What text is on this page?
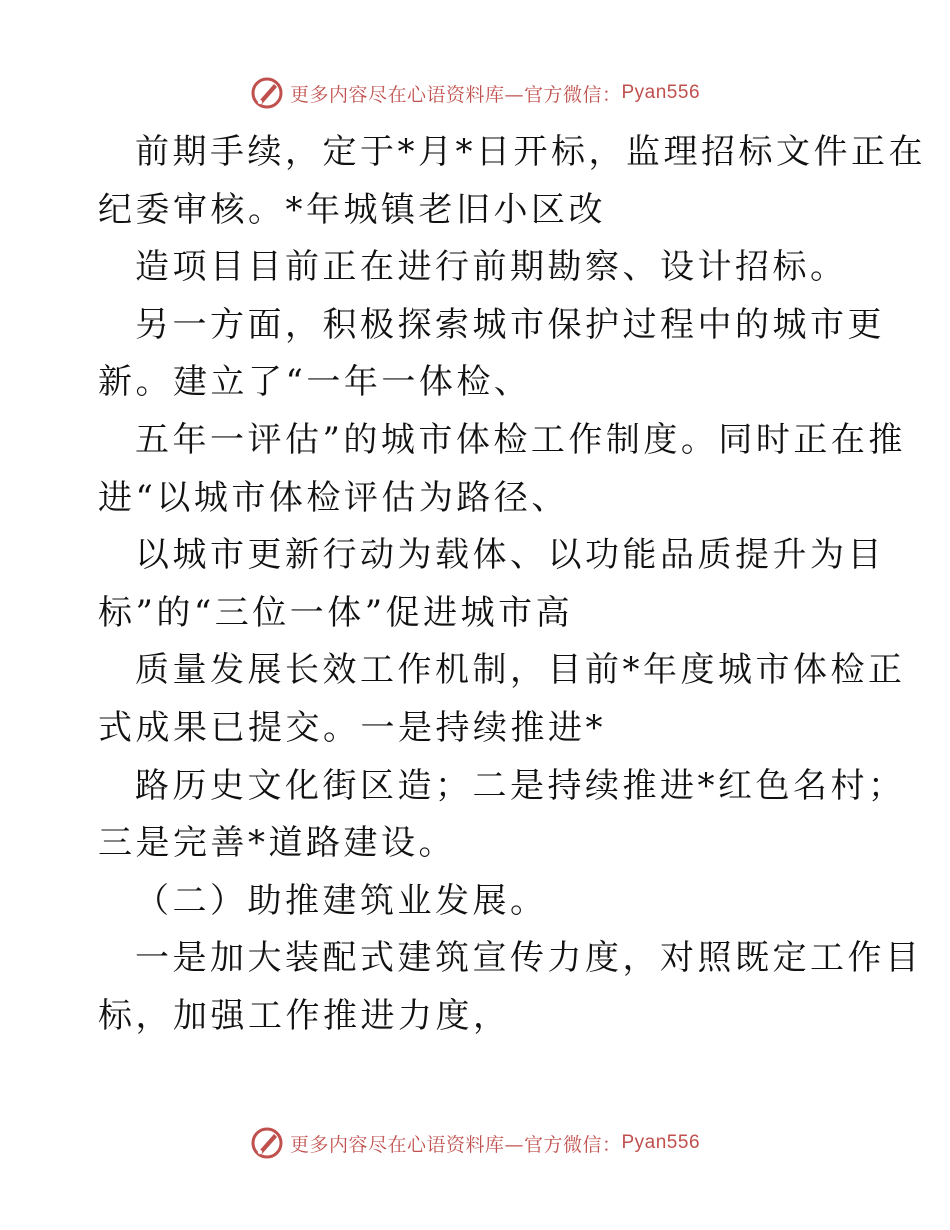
更多内容尽在心语资料库—官方微信： Pyan556
前期手续，定于*月*日开标，监理招标文件正在
纪委审核。*年城镇老旧小区改
造项目目前正在进行前期勘察、设计招标。
另一方面，积极探索城市保护过程中的城市更
新。建立了“一年一体检、
五年一评估”的城市体检工作制度。同时正在推
进“以城市体检评估为路径、
以城市更新行动为载体、以功能品质提升为目
标”的“三位一体”促进城市高
质量发展长效工作机制，目前*年度城市体检正
式成果已提交。一是持续推进*
路历史文化街区造；二是持续推进*红色名村；
三是完善*道路建设。
（二）助推建筑业发展。
一是加大装配式建筑宣传力度，对照既定工作目
标，加强工作推进力度，
更多内容尽在心语资料库—官方微信： Pyan556
